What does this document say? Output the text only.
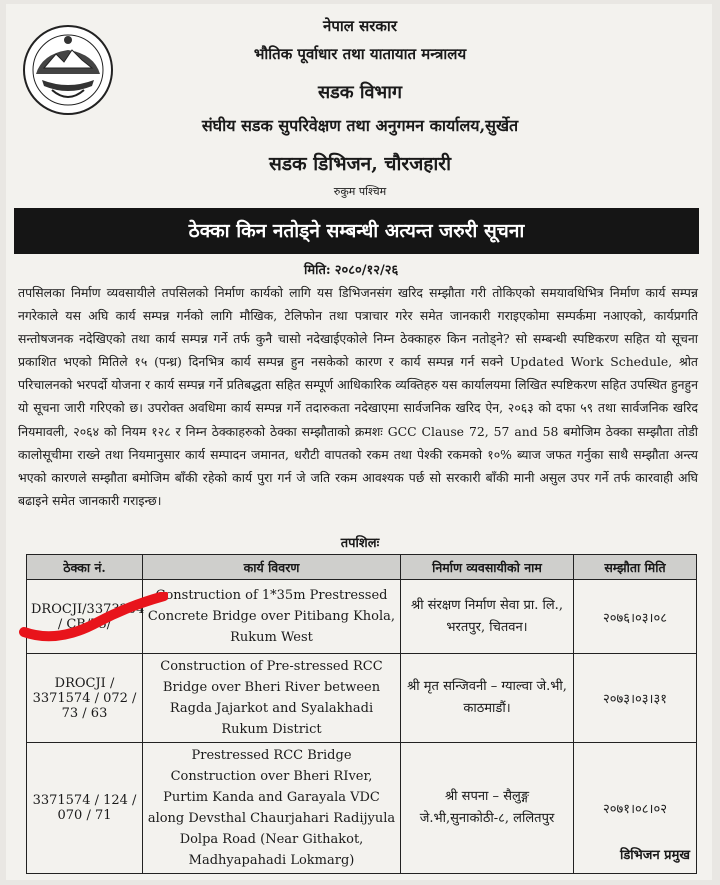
नेपाल सरकार
भौतिक पूर्वाधार तथा यातायात मन्त्रालय
सडक विभाग
संघीय सडक सुपरिवेक्षण तथा अनुगमन कार्यालय,सुर्खेत
सडक डिभिजन, चौरजहारी
रुकुम पश्चिम
ठेक्का किन नतोड्ने सम्बन्धी अत्यन्त जरुरी सूचना
मिति: २०८०/१२/२६
तपसिलका निर्माण व्यवसायीले तपसिलको निर्माण कार्यको लागि यस डिभिजनसंग खरिद सम्झौता गरी तोकिएको समयावधिभित्र निर्माण कार्य सम्पन्न नगरेकाले यस अघि कार्य सम्पन्न गर्नको लागि मौखिक, टेलिफोन तथा पत्राचार गरेर समेत जानकारी गराइएकोमा सम्पर्कमा नआएको, कार्यप्रगति सन्तोषजनक नदेखिएको तथा कार्य सम्पन्न गर्ने तर्फ कुनै चासो नदेखाईएकोले निम्न ठेक्काहरु किन नतोड्ने? सो सम्बन्धी स्पष्टिकरण सहित यो सूचना प्रकाशित भएको मितिले १५ (पन्ध्र) दिनभित्र कार्य सम्पन्न हुन नसकेको कारण र कार्य सम्पन्न गर्न सक्ने Updated Work Schedule, श्रोत परिचालनको भरपर्दो योजना र कार्य सम्पन्न गर्ने प्रतिबद्धता सहित सम्पूर्ण आधिकारिक व्यक्तिहरु यस कार्यालयमा लिखित स्पष्टिकरण सहित उपस्थित हुनहुन यो सूचना जारी गरिएको छ। उपरोक्त अवधिमा कार्य सम्पन्न गर्ने तदारुकता नदेखाएमा सार्वजनिक खरिद ऐन, २०६३ को दफा ५९ तथा सार्वजनिक खरिद नियमावली, २०६४ को नियम १२८ र निम्न ठेक्काहरुको ठेक्का सम्झौताको क्रमशः GCC Clause 72, 57 and 58 बमोजिम ठेक्का सम्झौता तोडी कालोसूचीमा राख्ने तथा नियमानुसार कार्य सम्पादन जमानत, धरौटी वापतको रकम तथा पेश्की रकमको १०% ब्याज जफत गर्नुका साथै सम्झौता अन्त्य भएको कारणले सम्झौता बमोजिम बाँकी रहेको कार्य पुरा गर्न जे जति रकम आवश्यक पर्छ सो सरकारी बाँकी मानी असुल उपर गर्ने तर्फ कारवाही अघि बढाइने समेत जानकारी गराइन्छ।
तपशिलः
ठेक्का नं.	कार्य विवरण	निर्माण व्यवसायीको नाम	सम्झौता मिति
DROCJI/3373204 / CB/75/	Construction of 1*35m Prestressed Concrete Bridge over Pitibang Khola, Rukum West	श्री संरक्षण निर्माण सेवा प्रा. लि., भरतपुर, चितवन।	२०७६।०३।०८
DROCJI / 3371574 / 072 / 73 / 63	Construction of Pre-stressed RCC Bridge over Bheri River between Ragda Jajarkot and Syalakhadi Rukum District	श्री मृत सन्जिवनी – ग्याल्वा जे.भी, काठमाडौं।	२०७३।०३।३१
3371574 / 124 / 070 / 71	Prestressed RCC Bridge Construction over Bheri RIver, Purtim Kanda and Garayala VDC along Devsthal Chaurjahari Radijyula Dolpa Road (Near Githakot, Madhyapahadi Lokmarg)	श्री सपना – सैलुङ्ग जे.भी,सुनाकोठी-८, ललितपुर	२०७१।०८।०२
डिभिजन प्रमुख
